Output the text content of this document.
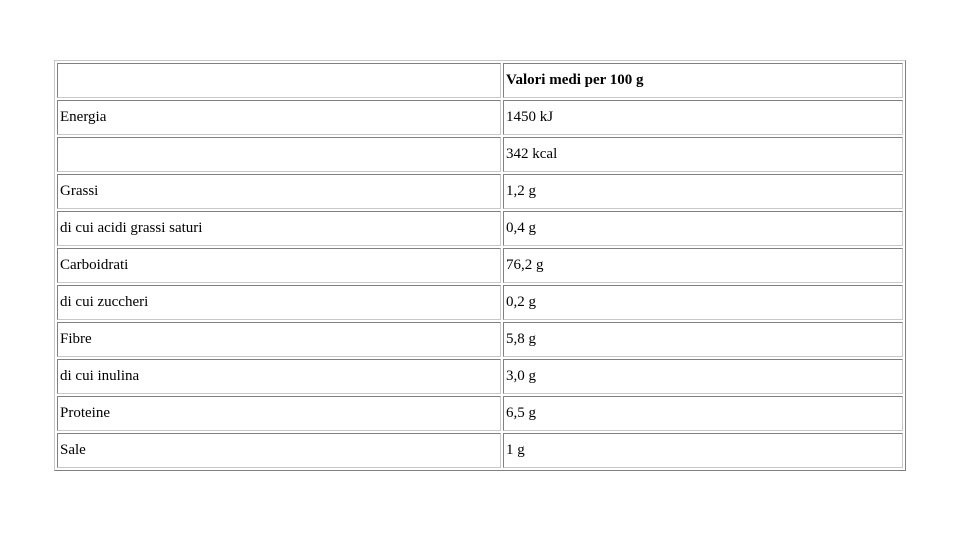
	Valori medi per 100 g
Energia	1450 kJ
	342 kcal
Grassi	1,2 g
di cui acidi grassi saturi	0,4 g
Carboidrati	76,2 g
di cui zuccheri	0,2 g
Fibre	5,8 g
di cui inulina	3,0 g
Proteine	6,5 g
Sale	1 g
